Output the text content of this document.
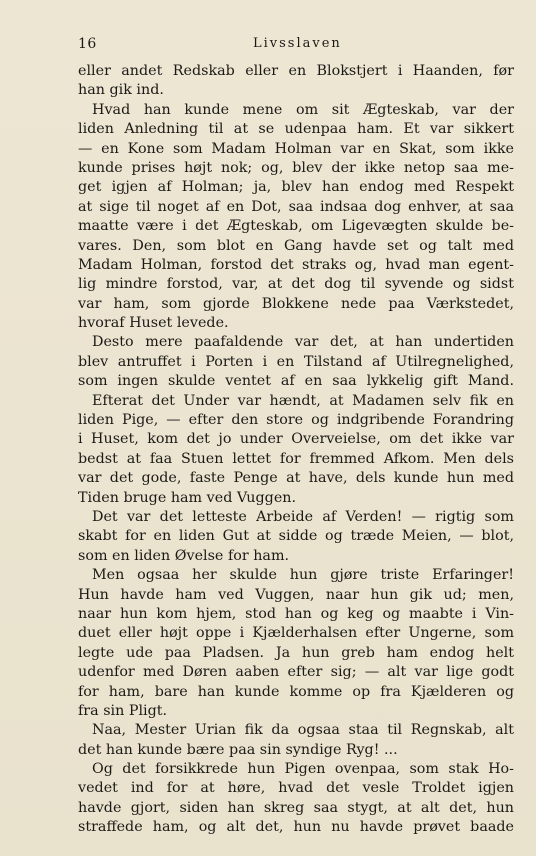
16	Livsslaven
eller andet Redskab eller en Blokstjert i Haanden, før
han gik ind.
Hvad han kunde mene om sit Ægteskab, var der
liden Anledning til at se udenpaa ham. Et var sikkert
— en Kone som Madam Holman var en Skat, som ikke
kunde prises højt nok; og, blev der ikke netop saa me-
get igjen af Holman; ja, blev han endog med Respekt
at sige til noget af en Dot, saa indsaa dog enhver, at saa
maatte være i det Ægteskab, om Ligevægten skulde be-
vares. Den, som blot en Gang havde set og talt med
Madam Holman, forstod det straks og, hvad man egent-
lig mindre forstod, var, at det dog til syvende og sidst
var ham, som gjorde Blokkene nede paa Værkstedet,
hvoraf Huset levede.
Desto mere paafaldende var det, at han undertiden
blev antruffet i Porten i en Tilstand af Utilregnelighed,
som ingen skulde ventet af en saa lykkelig gift Mand.
Efterat det Under var hændt, at Madamen selv fik en
liden Pige, — efter den store og indgribende Forandring
i Huset, kom det jo under Overveielse, om det ikke var
bedst at faa Stuen lettet for fremmed Afkom. Men dels
var det gode, faste Penge at have, dels kunde hun med
Tiden bruge ham ved Vuggen.
Det var det letteste Arbeide af Verden! — rigtig som
skabt for en liden Gut at sidde og træde Meien, — blot,
som en liden Øvelse for ham.
Men ogsaa her skulde hun gjøre triste Erfaringer!
Hun havde ham ved Vuggen, naar hun gik ud; men,
naar hun kom hjem, stod han og keg og maabte i Vin-
duet eller højt oppe i Kjælderhalsen efter Ungerne, som
legte ude paa Pladsen. Ja hun greb ham endog helt
udenfor med Døren aaben efter sig; — alt var lige godt
for ham, bare han kunde komme op fra Kjælderen og
fra sin Pligt.
Naa, Mester Urian fik da ogsaa staa til Regnskab, alt
det han kunde bære paa sin syndige Ryg! ...
Og det forsikkrede hun Pigen ovenpaa, som stak Ho-
vedet ind for at høre, hvad det vesle Troldet igjen
havde gjort, siden han skreg saa stygt, at alt det, hun
straffede ham, og alt det, hun nu havde prøvet baade
